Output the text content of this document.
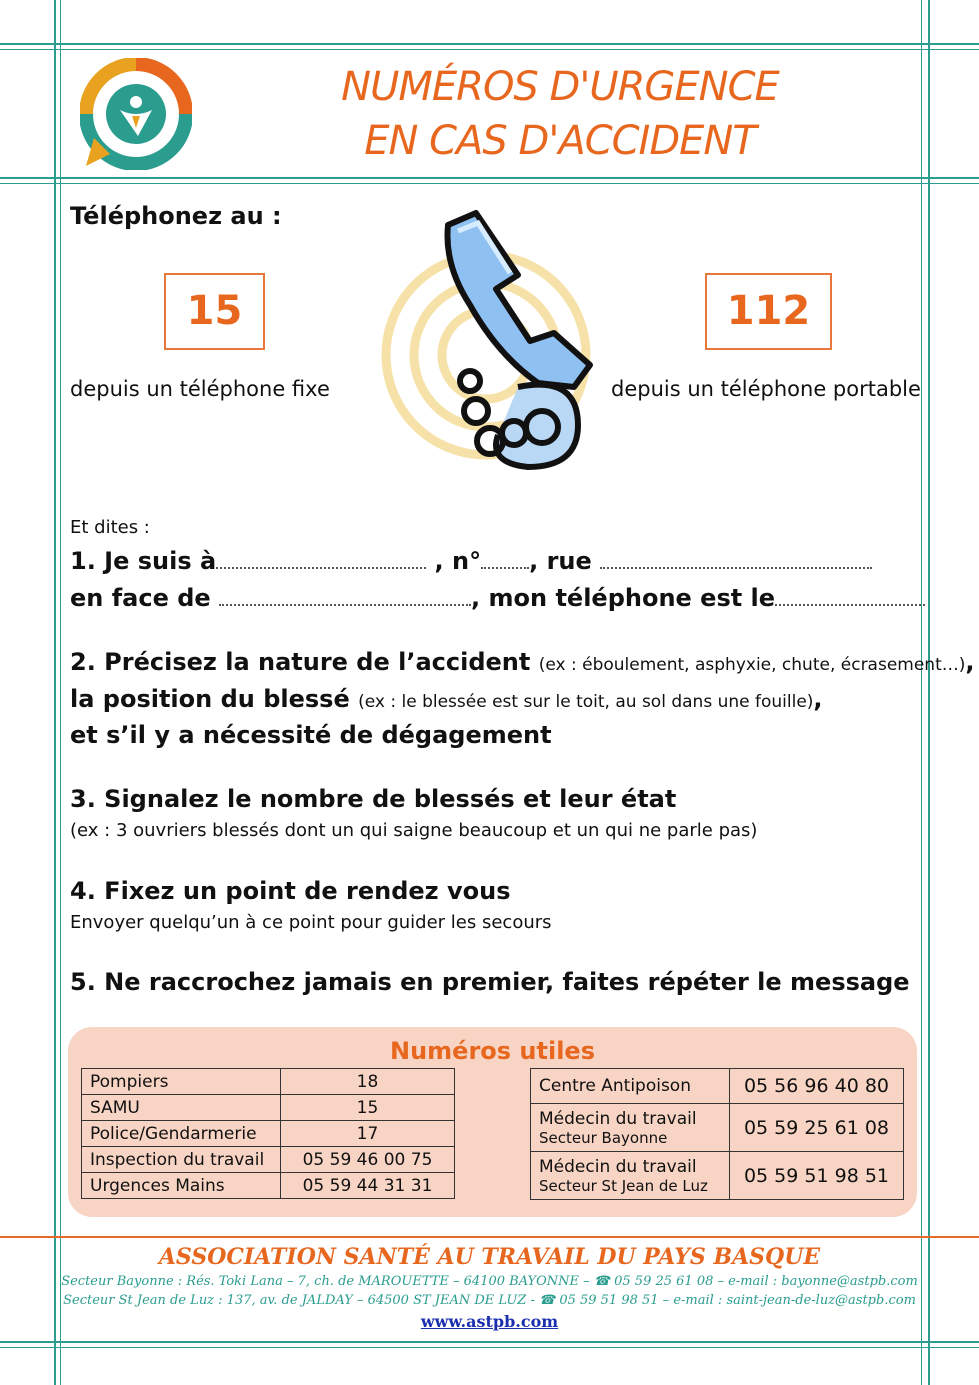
NUMÉROS D'URGENCE
EN CAS D'ACCIDENT
Téléphonez au :
15	112
depuis un téléphone fixe	depuis un téléphone portable
Et dites :
1. Je suis à	, n° , rue
en face de	, mon téléphone est le
2. Précisez la nature de l’accident (ex : éboulement, asphyxie, chute, écrasement…),
la position du blessé (ex : le blessée est sur le toit, au sol dans une fouille),
et s’il y a nécessité de dégagement
3. Signalez le nombre de blessés et leur état
(ex : 3 ouvriers blessés dont un qui saigne beaucoup et un qui ne parle pas)
4. Fixez un point de rendez vous
Envoyer quelqu’un à ce point pour guider les secours
5. Ne raccrochez jamais en premier, faites répéter le message
Numéros utiles
Pompiers	18
SAMU	15
Police/Gendarmerie	17
Inspection du travail	05 59 46 00 75
Urgences Mains	05 59 44 31 31
Centre Antipoison	05 56 96 40 80
Médecin du travail
Secteur Bayonne	05 59 25 61 08
Médecin du travail
Secteur St Jean de Luz	05 59 51 98 51
ASSOCIATION SANTÉ AU TRAVAIL DU PAYS BASQUE
Secteur Bayonne : Rés. Toki Lana – 7, ch. de MAROUETTE – 64100 BAYONNE – ☎ 05 59 25 61 08 – e-mail : bayonne@astpb.com
Secteur St Jean de Luz : 137, av. de JALDAY – 64500 ST JEAN DE LUZ - ☎ 05 59 51 98 51 – e-mail : saint-jean-de-luz@astpb.com
www.astpb.com
